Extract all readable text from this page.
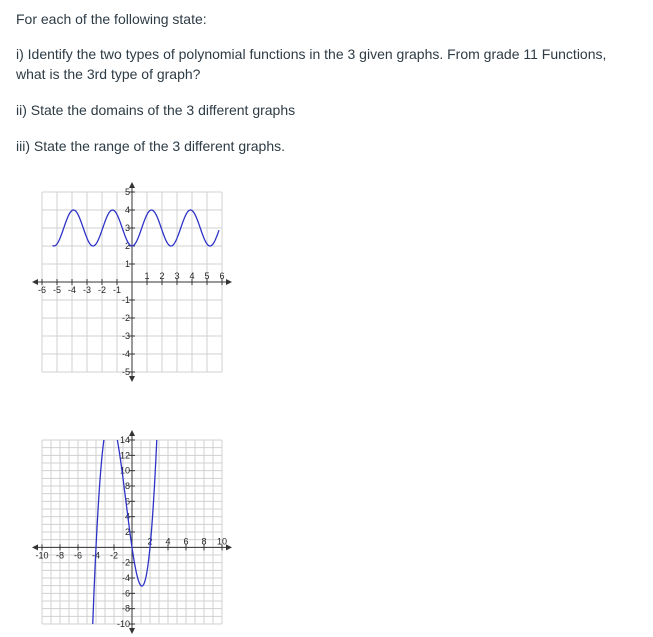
For each of the following state:

i) Identify the two types of polynomial functions in the 3 given graphs. From grade 11 Functions, what is the 3rd type of graph?

ii) State the domains of the 3 different graphs

iii) State the range of the 3 different graphs.

-6 -5 -4 -3 -2 -1
1 2 3 4 5 6
5
4
3
2
1
-1
-2
-3
-4
-5
-10 -8 -6 -4 -2
2 4 6 8 10
14
12
10
8
6
4
2
-2
-4
-6
-8
-10
